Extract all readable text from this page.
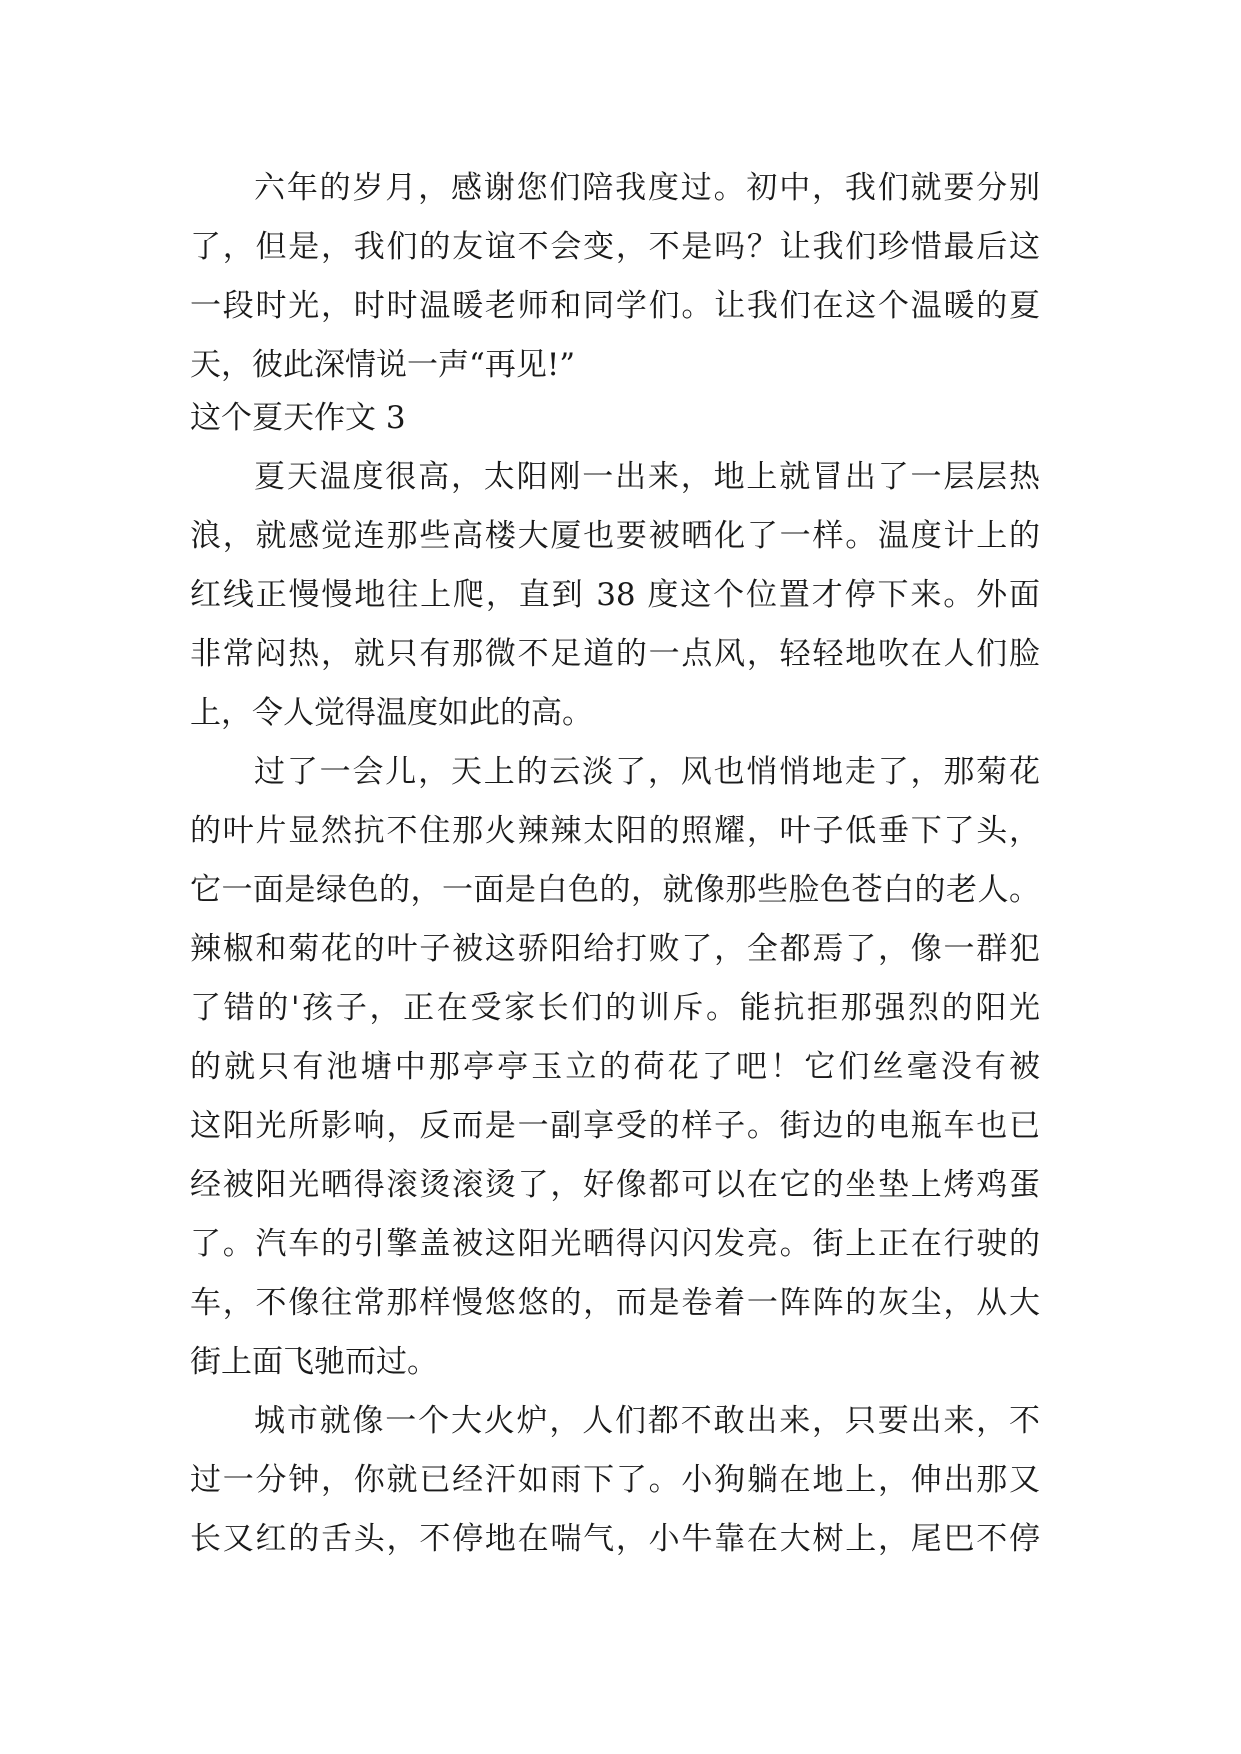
六年的岁月，感谢您们陪我度过。初中，我们就要分别
了，但是，我们的友谊不会变，不是吗？让我们珍惜最后这
一段时光，时时温暖老师和同学们。让我们在这个温暖的夏
天，彼此深情说一声“再见!”
这个夏天作文 3
夏天温度很高，太阳刚一出来，地上就冒出了一层层热
浪，就感觉连那些高楼大厦也要被晒化了一样。温度计上的
红线正慢慢地往上爬，直到 38 度这个位置才停下来。外面
非常闷热，就只有那微不足道的一点风，轻轻地吹在人们脸
上，令人觉得温度如此的高。
过了一会儿，天上的云淡了，风也悄悄地走了，那菊花
的叶片显然抗不住那火辣辣太阳的照耀，叶子低垂下了头，
它一面是绿色的，一面是白色的，就像那些脸色苍白的老人。
辣椒和菊花的叶子被这骄阳给打败了，全都焉了，像一群犯
了错的'孩子，正在受家长们的训斥。能抗拒那强烈的阳光
的就只有池塘中那亭亭玉立的荷花了吧！它们丝毫没有被
这阳光所影响，反而是一副享受的样子。街边的电瓶车也已
经被阳光晒得滚烫滚烫了，好像都可以在它的坐垫上烤鸡蛋
了。汽车的引擎盖被这阳光晒得闪闪发亮。街上正在行驶的
车，不像往常那样慢悠悠的，而是卷着一阵阵的灰尘，从大
街上面飞驰而过。
城市就像一个大火炉，人们都不敢出来，只要出来，不
过一分钟，你就已经汗如雨下了。小狗躺在地上，伸出那又
长又红的舌头，不停地在喘气，小牛靠在大树上，尾巴不停
